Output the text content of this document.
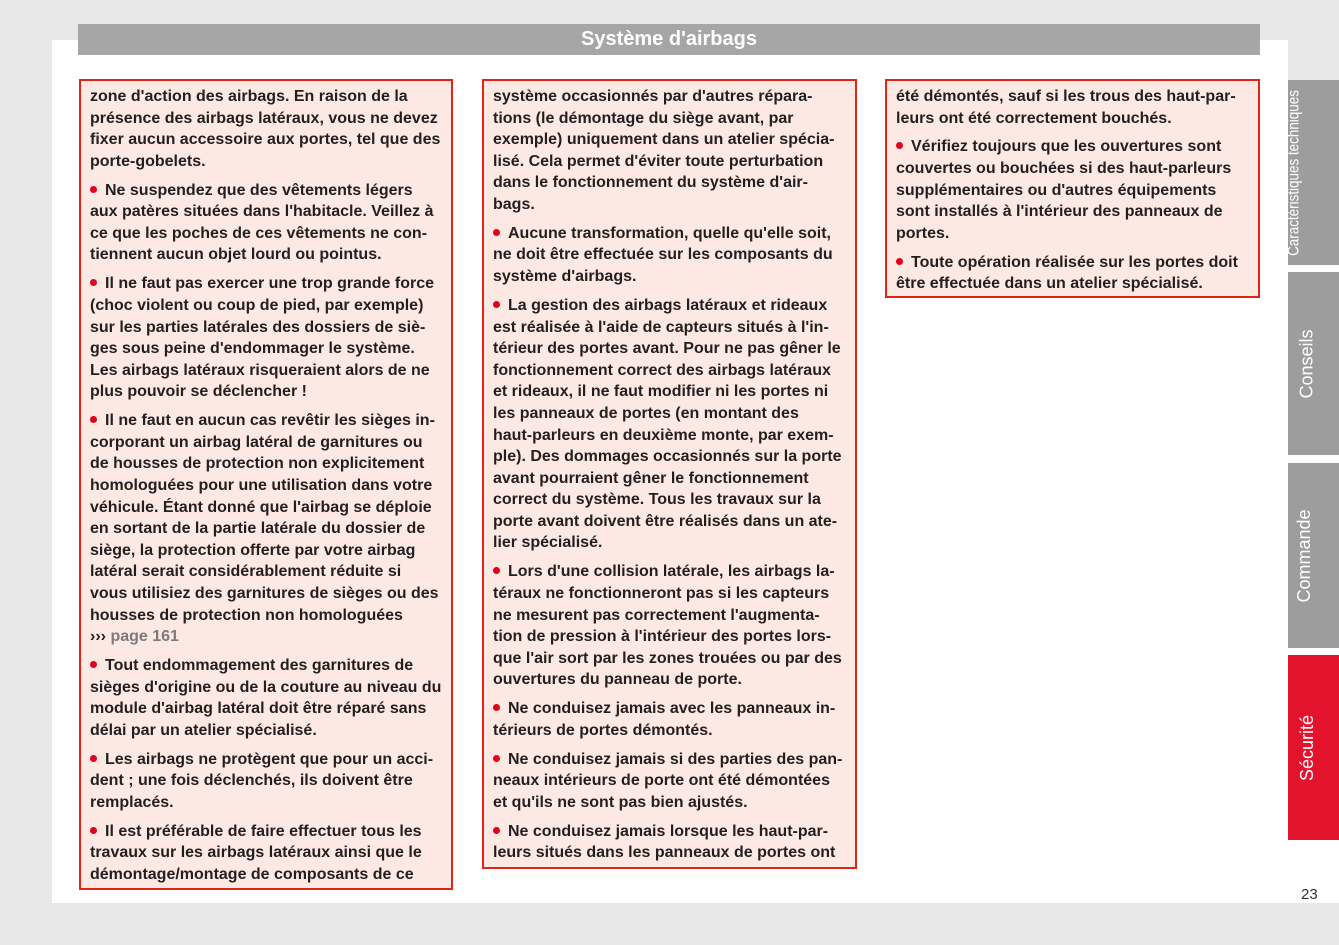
Système d'airbags

zone d'action des airbags. En raison de la
présence des airbags latéraux, vous ne devez
fixer aucun accessoire aux portes, tel que des
porte-gobelets.

Ne suspendez que des vêtements légers
aux patères situées dans l'habitacle. Veillez à
ce que les poches de ces vêtements ne con-
tiennent aucun objet lourd ou pointus.

Il ne faut pas exercer une trop grande force
(choc violent ou coup de pied, par exemple)
sur les parties latérales des dossiers de siè-
ges sous peine d'endommager le système.
Les airbags latéraux risqueraient alors de ne
plus pouvoir se déclencher !

Il ne faut en aucun cas revêtir les sièges in-
corporant un airbag latéral de garnitures ou
de housses de protection non explicitement
homologuées pour une utilisation dans votre
véhicule. Étant donné que l'airbag se déploie
en sortant de la partie latérale du dossier de
siège, la protection offerte par votre airbag
latéral serait considérablement réduite si
vous utilisiez des garnitures de sièges ou des
housses de protection non homologuées
››› page 161

Tout endommagement des garnitures de
sièges d'origine ou de la couture au niveau du
module d'airbag latéral doit être réparé sans
délai par un atelier spécialisé.

Les airbags ne protègent que pour un acci-
dent ; une fois déclenchés, ils doivent être
remplacés.

Il est préférable de faire effectuer tous les
travaux sur les airbags latéraux ainsi que le
démontage/montage de composants de ce

système occasionnés par d'autres répara-
tions (le démontage du siège avant, par
exemple) uniquement dans un atelier spécia-
lisé. Cela permet d'éviter toute perturbation
dans le fonctionnement du système d'air-
bags.

Aucune transformation, quelle qu'elle soit,
ne doit être effectuée sur les composants du
système d'airbags.

La gestion des airbags latéraux et rideaux
est réalisée à l'aide de capteurs situés à l'in-
térieur des portes avant. Pour ne pas gêner le
fonctionnement correct des airbags latéraux
et rideaux, il ne faut modifier ni les portes ni
les panneaux de portes (en montant des
haut-parleurs en deuxième monte, par exem-
ple). Des dommages occasionnés sur la porte
avant pourraient gêner le fonctionnement
correct du système. Tous les travaux sur la
porte avant doivent être réalisés dans un ate-
lier spécialisé.

Lors d'une collision latérale, les airbags la-
téraux ne fonctionneront pas si les capteurs
ne mesurent pas correctement l'augmenta-
tion de pression à l'intérieur des portes lors-
que l'air sort par les zones trouées ou par des
ouvertures du panneau de porte.

Ne conduisez jamais avec les panneaux in-
térieurs de portes démontés.

Ne conduisez jamais si des parties des pan-
neaux intérieurs de porte ont été démontées
et qu'ils ne sont pas bien ajustés.

Ne conduisez jamais lorsque les haut-par-
leurs situés dans les panneaux de portes ont

été démontés, sauf si les trous des haut-par-
leurs ont été correctement bouchés.

Vérifiez toujours que les ouvertures sont
couvertes ou bouchées si des haut-parleurs
supplémentaires ou d'autres équipements
sont installés à l'intérieur des panneaux de
portes.

Toute opération réalisée sur les portes doit
être effectuée dans un atelier spécialisé.

Caractéristiques techniques
Conseils
Commande
Sécurité
23
